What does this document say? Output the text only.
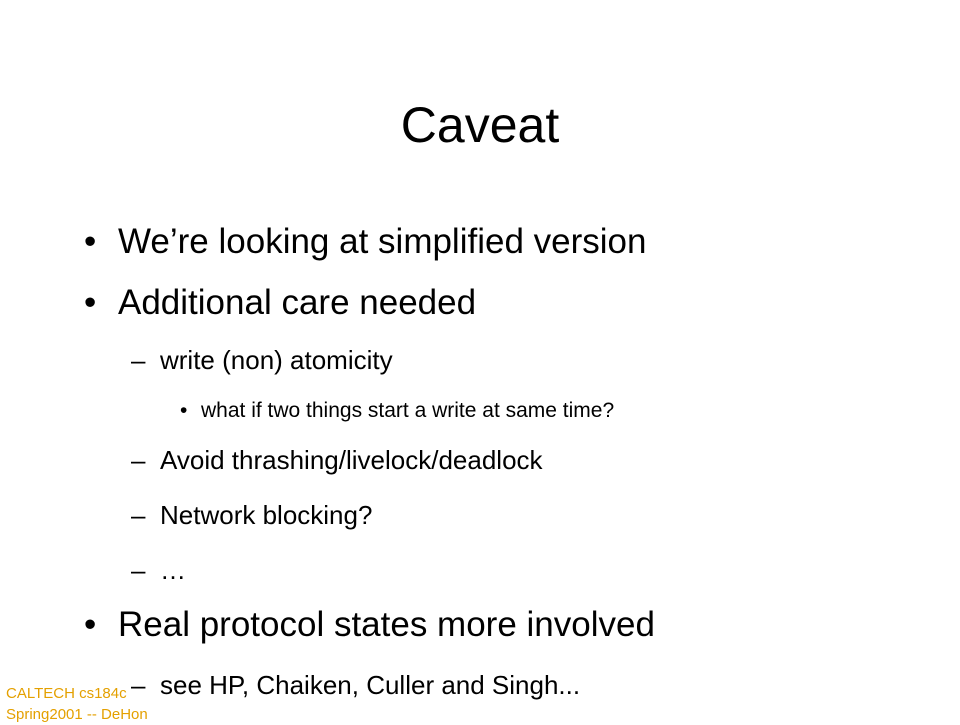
Caveat
• We’re looking at simplified version
• Additional care needed
– write (non) atomicity
• what if two things start a write at same time?
– Avoid thrashing/livelock/deadlock
– Network blocking?
– …
• Real protocol states more involved
– see HP, Chaiken, Culler and Singh...
CALTECH cs184c
Spring2001 -- DeHon
